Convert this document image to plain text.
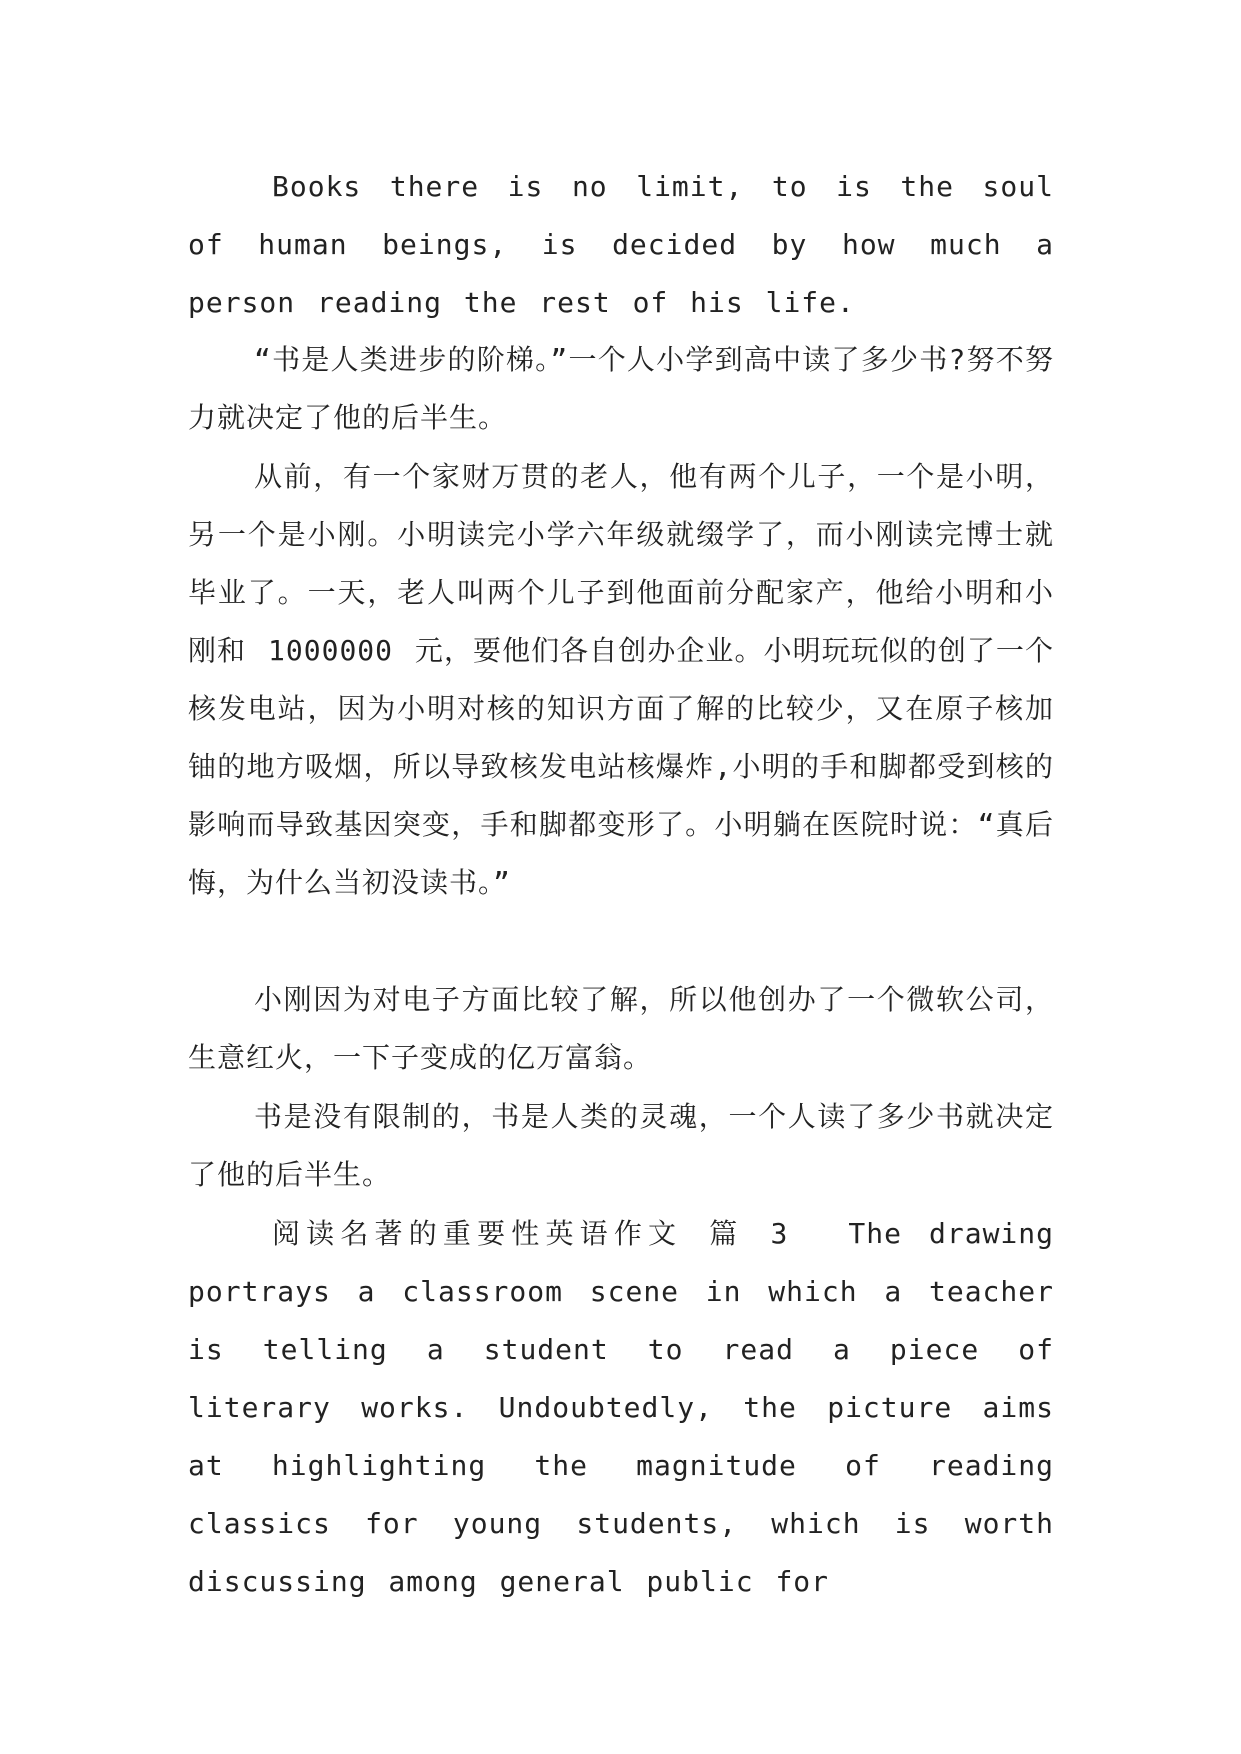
Books there is no limit, to is the soul of human beings, is decided by how much a person reading the rest of his life.

“书是人类进步的阶梯。”一个人小学到高中读了多少书?努不努力就决定了他的后半生。

从前，有一个家财万贯的老人，他有两个儿子，一个是小明，另一个是小刚。小明读完小学六年级就缀学了，而小刚读完博士就毕业了。一天，老人叫两个儿子到他面前分配家产，他给小明和小刚和 1000000 元，要他们各自创办企业。小明玩玩似的创了一个核发电站，因为小明对核的知识方面了解的比较少，又在原子核加铀的地方吸烟，所以导致核发电站核爆炸,小明的手和脚都受到核的影响而导致基因突变，手和脚都变形了。小明躺在医院时说：“真后悔，为什么当初没读书。”

小刚因为对电子方面比较了解，所以他创办了一个微软公司，生意红火，一下子变成的亿万富翁。

书是没有限制的，书是人类的灵魂，一个人读了多少书就决定了他的后半生。

阅读名著的重要性英语作文 篇 3 The drawing portrays a classroom scene in which a teacher is telling a student to read a piece of literary works. Undoubtedly, the picture aims at highlighting the magnitude of reading classics for young students, which is worth discussing among general public for
